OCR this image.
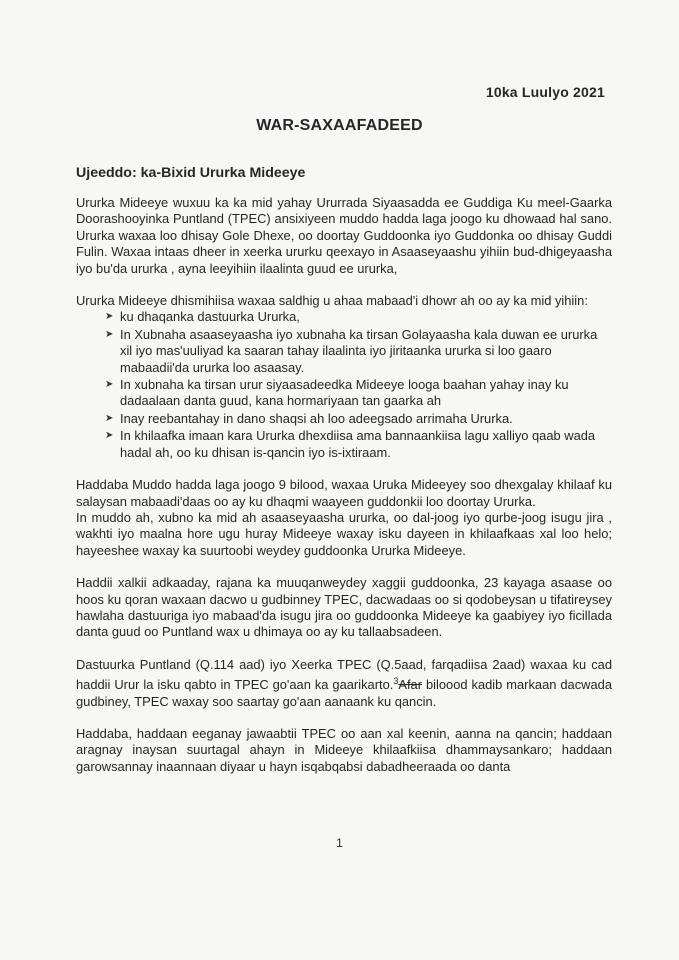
10ka Luulyo 2021
WAR-SAXAAFADEED
Ujeeddo: ka-Bixid Ururka Mideeye

Ururka Mideeye wuxuu ka ka mid yahay Ururrada Siyaasadda ee Guddiga Ku meel-Gaarka Doorashooyinka Puntland (TPEC) ansixiyeen muddo hadda laga joogo ku dhowaad hal sano. Ururka waxaa loo dhisay Gole Dhexe, oo doortay Guddoonka iyo Guddonka oo dhisay Guddi Fulin. Waxaa intaas dheer in xeerka ururku qeexayo in Asaaseyaashu yihiin bud-dhigeyaasha iyo bu'da ururka , ayna leeyihiin ilaalinta guud ee ururka,

Ururka Mideeye dhismihiisa waxaa saldhig u ahaa mabaad'i dhowr ah oo ay ka mid yihiin:

➤ ku dhaqanka dastuurka Ururka,
➤ In Xubnaha asaaseyaasha iyo xubnaha ka tirsan Golayaasha kala duwan ee ururka xil iyo mas'uuliyad ka saaran tahay ilaalinta iyo jiritaanka ururka si loo gaaro mabaadii'da ururka loo asaasay.
➤ In xubnaha ka tirsan urur siyaasadeedka Mideeye looga baahan yahay inay ku dadaalaan danta guud, kana hormariyaan tan gaarka ah
➤ Inay reebantahay in dano shaqsi ah loo adeegsado arrimaha Ururka.
➤ In khilaafka imaan kara Ururka dhexdiisa ama bannaankiisa lagu xalliyo qaab wada hadal ah, oo ku dhisan is-qancin iyo is-ixtiraam.

Haddaba Muddo hadda laga joogo 9 bilood, waxaa Uruka Mideeyey soo dhexgalay khilaaf ku salaysan mabaadi'daas oo ay ku dhaqmi waayeen guddonkii loo doortay Ururka.

In muddo ah, xubno ka mid ah asaaseyaasha ururka, oo dal-joog iyo qurbe-joog isugu jira , wakhti iyo maalna hore ugu huray Mideeye waxay isku dayeen in khilaafkaas xal loo helo; hayeeshee waxay ka suurtoobi weydey guddoonka Ururka Mideeye.

Haddii xalkii adkaaday, rajana ka muuqanweydey xaggii guddoonka, 23 kayaga asaase oo hoos ku qoran waxaan dacwo u gudbinney TPEC, dacwadaas oo si qodobeysan u tifatireysey hawlaha dastuuriga iyo mabaad'da isugu jira oo guddoonka Mideeye ka gaabiyey iyo ficillada danta guud oo Puntland wax u dhimaya oo ay ku tallaabsadeen.

Dastuurka Puntland (Q.114 aad) iyo Xeerka TPEC (Q.5aad, farqadiisa 2aad) waxaa ku cad haddii Urur la isku qabto in TPEC go'aan ka gaarikarto.$^3$Afar biloood kadib markaan dacwada gudbiney, TPEC waxay soo saartay go'aan aanaank ku qancin.

Haddaba, haddaan eeganay jawaabtii TPEC oo aan xal keenin, aanna na qancin; haddaan aragnay inaysan suurtagal ahayn in Mideeye khilaafkiisa dhammaysankaro; haddaan garowsannay inaannaan diyaar u hayn isqabqabsi dabadheeraada oo danta

1
